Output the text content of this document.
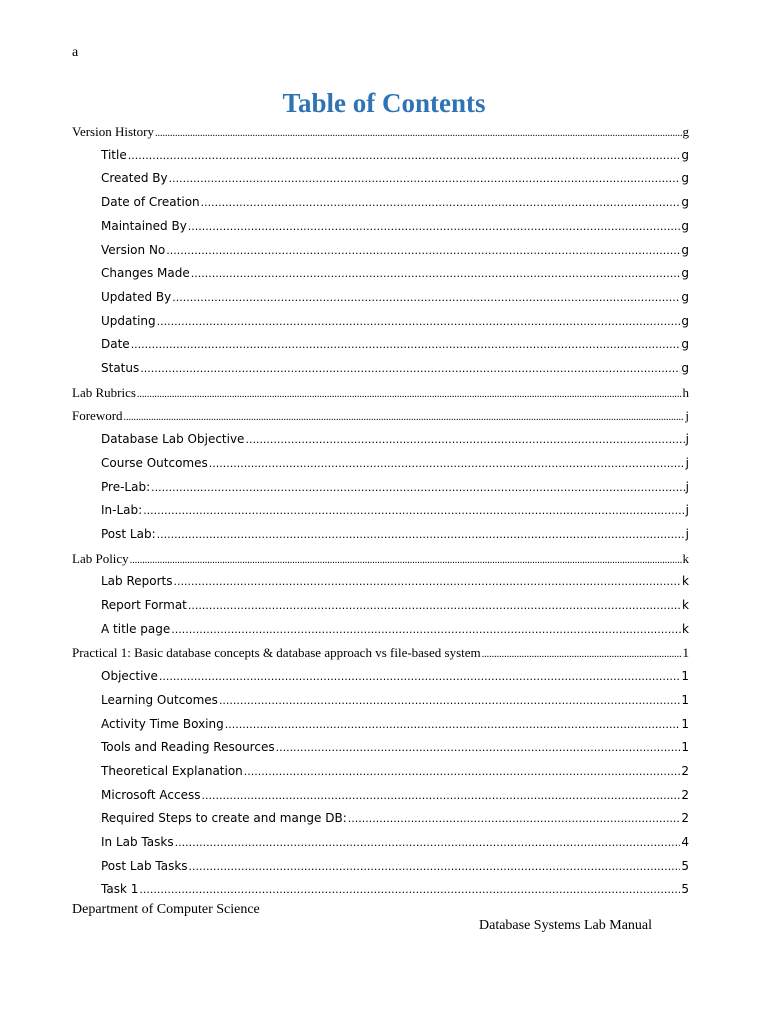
a
Table of Contents
Version History .....	g
Title .....	g
Created By .....	g
Date of Creation .....	g
Maintained By .....	g
Version No .....	g
Changes Made .....	g
Updated By .....	g
Updating .....	g
Date .....	g
Status .....	g
Lab Rubrics .....	h
Foreword .....	j
Database Lab Objective .....	j
Course Outcomes .....	j
Pre-Lab: .....	j
In-Lab: .....	j
Post Lab: .....	j
Lab Policy .....	k
Lab Reports .....	k
Report Format .....	k
A title page .....	k
Practical 1: Basic database concepts & database approach vs file-based system .....	1
Objective .....	1
Learning Outcomes .....	1
Activity Time Boxing .....	1
Tools and Reading Resources .....	1
Theoretical Explanation .....	2
Microsoft Access .....	2
Required Steps to create and mange DB: .....	2
In Lab Tasks .....	4
Post Lab Tasks .....	5
Task 1 .....	5
Department of Computer Science
Database Systems Lab Manual
